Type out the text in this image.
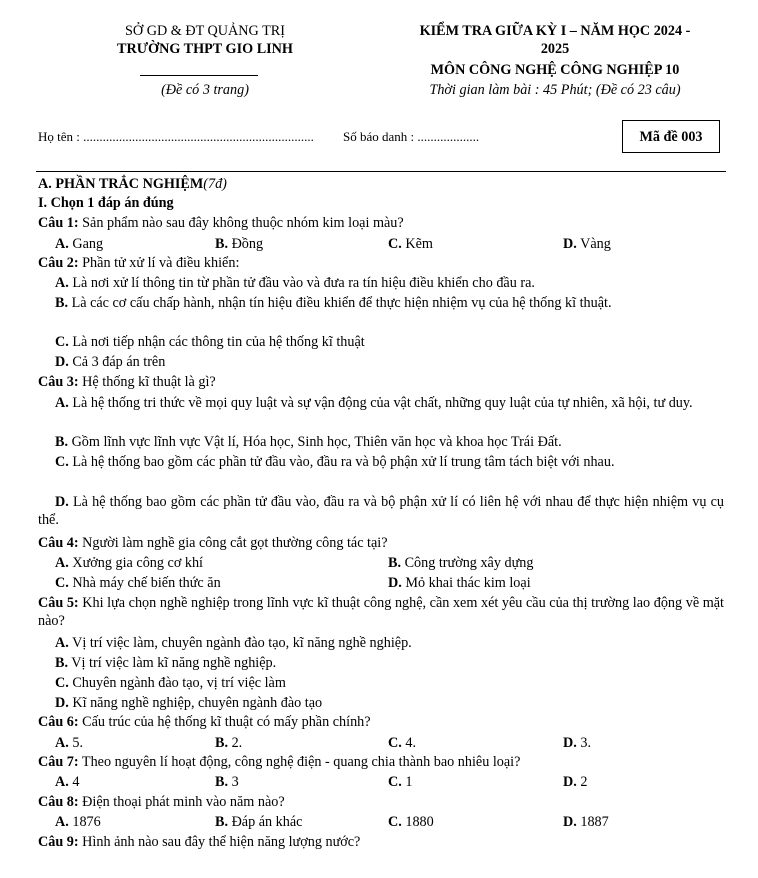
SỞ GD & ĐT QUẢNG TRỊ
TRƯỜNG THPT GIO LINH
(Đề có 3 trang)
KIỂM TRA GIỮA KỲ I – NĂM HỌC 2024 -
2025
MÔN CÔNG NGHỆ CÔNG NGHIỆP 10
Thời gian làm bài : 45 Phút; (Đề có 23 câu)
Họ tên : ....................................................................... Số báo danh : ...................	Mã đề 003
A. PHẦN TRẮC NGHIỆM(7đ)
I. Chọn 1 đáp án đúng
Câu 1: Sản phẩm nào sau đây không thuộc nhóm kim loại màu?
A. Gang	B. Đồng	C. Kẽm	D. Vàng
Câu 2: Phần tử xử lí và điều khiển:
A. Là nơi xử lí thông tin từ phần tử đầu vào và đưa ra tín hiệu điều khiển cho đầu ra.
B. Là các cơ cấu chấp hành, nhận tín hiệu điều khiển để thực hiện nhiệm vụ của hệ thống kĩ thuật.
C. Là nơi tiếp nhận các thông tin của hệ thống kĩ thuật
D. Cả 3 đáp án trên
Câu 3: Hệ thống kĩ thuật là gì?
A. Là hệ thống tri thức về mọi quy luật và sự vận động của vật chất, những quy luật của tự nhiên, xã hội, tư duy.
B. Gồm lĩnh vực lĩnh vực Vật lí, Hóa học, Sinh học, Thiên văn học và khoa học Trái Đất.
C. Là hệ thống bao gồm các phần tử đầu vào, đầu ra và bộ phận xử lí trung tâm tách biệt với nhau.
D. Là hệ thống bao gồm các phần tử đầu vào, đầu ra và bộ phận xử lí có liên hệ với nhau để thực hiện nhiệm vụ cụ thể.
Câu 4: Người làm nghề gia công cắt gọt thường công tác tại?
A. Xưởng gia công cơ khí	B. Công trường xây dựng
C. Nhà máy chế biến thức ăn	D. Mỏ khai thác kim loại
Câu 5: Khi lựa chọn nghề nghiệp trong lĩnh vực kĩ thuật công nghệ, cần xem xét yêu cầu của thị trường lao động về mặt nào?
A. Vị trí việc làm, chuyên ngành đào tạo, kĩ năng nghề nghiệp.
B. Vị trí việc làm kĩ năng nghề nghiệp.
C. Chuyên ngành đào tạo, vị trí việc làm
D. Kĩ năng nghề nghiệp, chuyên ngành đào tạo
Câu 6: Cấu trúc của hệ thống kĩ thuật có mấy phần chính?
A. 5.	B. 2.	C. 4.	D. 3.
Câu 7: Theo nguyên lí hoạt động, công nghệ điện - quang chia thành bao nhiêu loại?
A. 4	B. 3	C. 1	D. 2
Câu 8: Điện thoại phát minh vào năm nào?
A. 1876	B. Đáp án khác	C. 1880	D. 1887
Câu 9: Hình ảnh nào sau đây thể hiện năng lượng nước?
